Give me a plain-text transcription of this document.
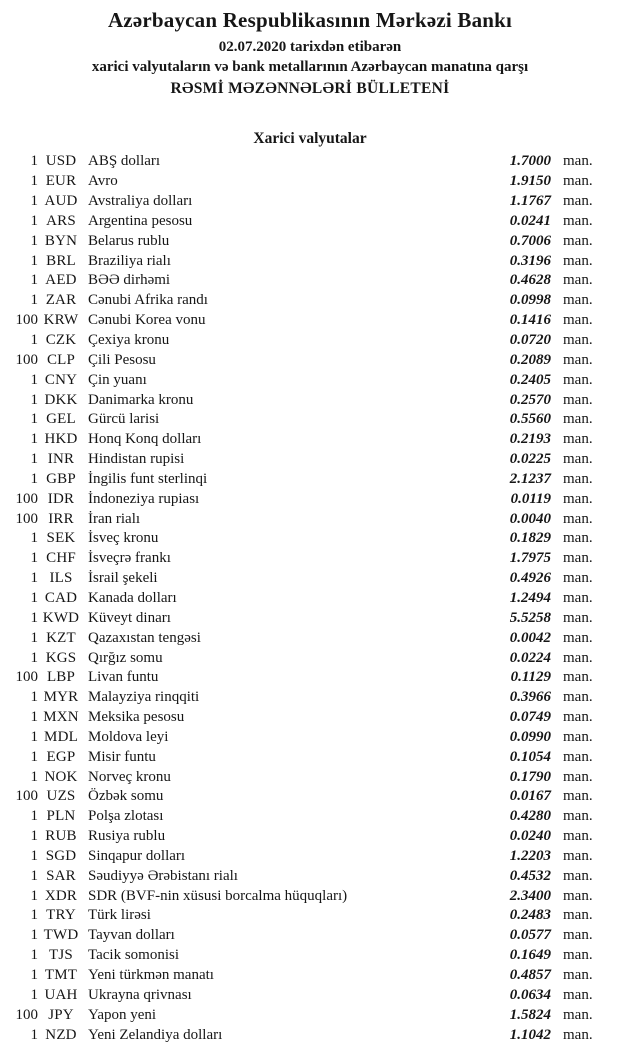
Azərbaycan Respublikasının Mərkəzi Bankı
02.07.2020 tarixdən etibarən
xarici valyutaların və bank metallarının Azərbaycan manatına qarşı
RƏSMİ MƏZƏNNƏLƏRİ BÜLLETENİ
Xarici valyutalar
1 USD ABŞ dolları	1.7000 man.
1 EUR Avro	1.9150 man.
1 AUD Avstraliya dolları	1.1767 man.
1 ARS Argentina pesosu	0.0241 man.
1 BYN Belarus rublu	0.7006 man.
1 BRL Braziliya rialı	0.3196 man.
1 AED BƏƏ dirhəmi	0.4628 man.
1 ZAR Cənubi Afrika randı	0.0998 man.
100 KRW Cənubi Korea vonu	0.1416 man.
1 CZK Çexiya kronu	0.0720 man.
100 CLP Çili Pesosu	0.2089 man.
1 CNY Çin yuanı	0.2405 man.
1 DKK Danimarka kronu	0.2570 man.
1 GEL Gürcü larisi	0.5560 man.
1 HKD Honq Konq dolları	0.2193 man.
1 INR Hindistan rupisi	0.0225 man.
1 GBP İngilis funt sterlinqi	2.1237 man.
100 IDR İndoneziya rupiası	0.0119 man.
100 IRR İran rialı	0.0040 man.
1 SEK İsveç kronu	0.1829 man.
1 CHF İsveçrə frankı	1.7975 man.
1 ILS	İsrail şekeli	0.4926 man.
1 CAD Kanada dolları	1.2494 man.
1 KWD Küveyt dinarı	5.5258 man.
1 KZT Qazaxıstan tengəsi	0.0042 man.
1 KGS Qırğız somu	0.0224 man.
100 LBP Livan funtu	0.1129 man.
1 MYR Malayziya rinqqiti	0.3966 man.
1 MXN Meksika pesosu	0.0749 man.
1 MDL Moldova leyi	0.0990 man.
1 EGP Misir funtu	0.1054 man.
1 NOK Norveç kronu	0.1790 man.
100 UZS Özbək somu	0.0167 man.
1 PLN Polşa zlotası	0.4280 man.
1 RUB Rusiya rublu	0.0240 man.
1 SGD Sinqapur dolları	1.2203 man.
1 SAR Səudiyyə Ərəbistanı rialı	0.4532 man.
1 XDR SDR (BVF-nin xüsusi borcalma hüquqları)	2.3400 man.
1 TRY Türk lirəsi	0.2483 man.
1 TWD Tayvan dolları	0.0577 man.
1 TJS	Tacik somonisi	0.1649 man.
1 TMT Yeni türkmən manatı	0.4857 man.
1 UAH Ukrayna qrivnası	0.0634 man.
100 JPY Yapon yeni	1.5824 man.
1 NZD Yeni Zelandiya dolları	1.1042 man.
